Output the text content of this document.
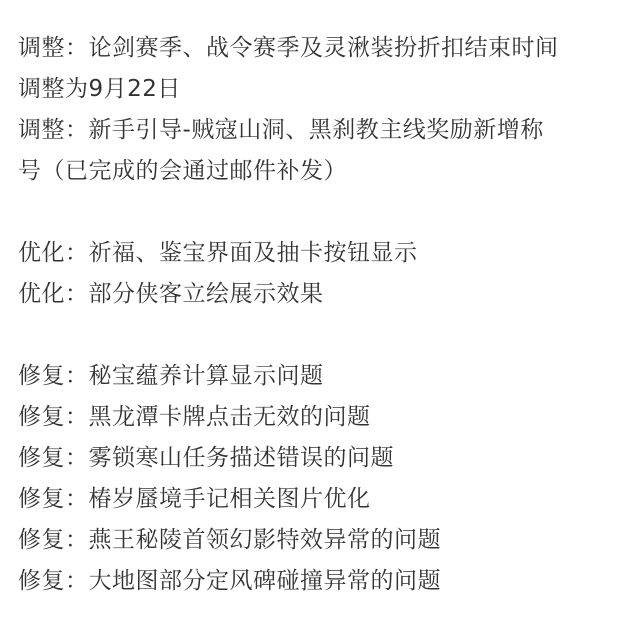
调整：论剑赛季、战令赛季及灵湫装扮折扣结束时间
调整为9月22日
调整：新手引导-贼寇山洞、黑刹教主线奖励新增称
号（已完成的会通过邮件补发）
优化：祈福、鉴宝界面及抽卡按钮显示
优化：部分侠客立绘展示效果
修复：秘宝蕴养计算显示问题
修复：黑龙潭卡牌点击无效的问题
修复：雾锁寒山任务描述错误的问题
修复：椿岁蜃境手记相关图片优化
修复：燕王秘陵首领幻影特效异常的问题
修复：大地图部分定风碑碰撞异常的问题
